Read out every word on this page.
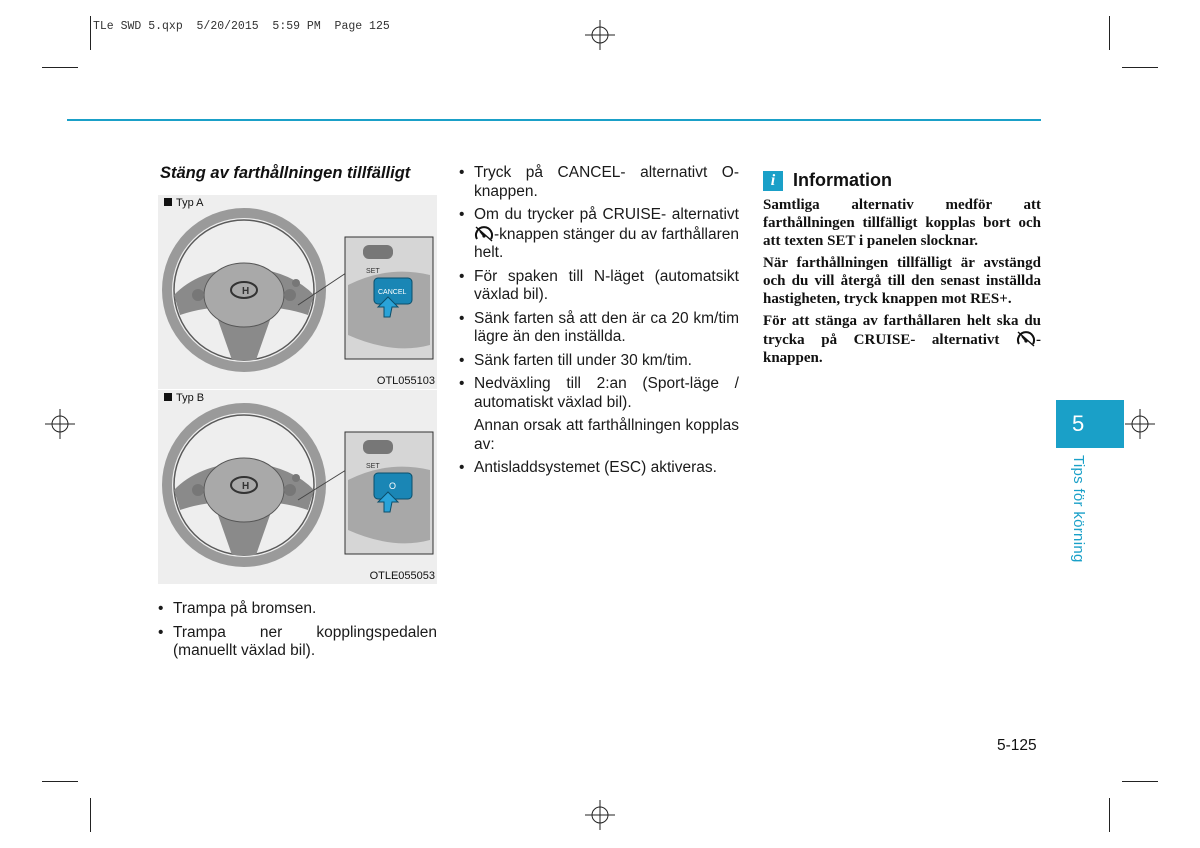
TLe SWD 5.qxp  5/20/2015  5:59 PM  Page 125
Stäng av farthållningen tillfälligt
H
SET
CANCEL
Typ A
OTL055103
H
SET
O
Typ B
OTLE055053
• Trampa på bromsen.
• Trampa ner kopplingspedalen (manuellt växlad bil).
• Tryck på CANCEL- alternativt O-knappen.
• Om du trycker på CRUISE- alternativt -knappen stänger du av farthållaren helt.
• För spaken till N-läget (automatsikt växlad bil).
• Sänk farten så att den är ca 20 km/tim lägre än den inställda.
• Sänk farten till under 30 km/tim.
• Nedväxling till 2:an (Sport-läge / automatiskt växlad bil).
Annan orsak att farthållningen kopplas av:
• Antisladdsystemet (ESC) aktiveras.
i Information

Samtliga alternativ medför att farthållningen tillfälligt kopplas bort och att texten SET i panelen slocknar.

När farthållningen tillfälligt är avstängd och du vill återgå till den senast inställda hastigheten, tryck knappen mot RES+.

För att stänga av farthållaren helt ska du trycka på CRUISE- alternativt -knappen.

5
Tips för körning
5-125
